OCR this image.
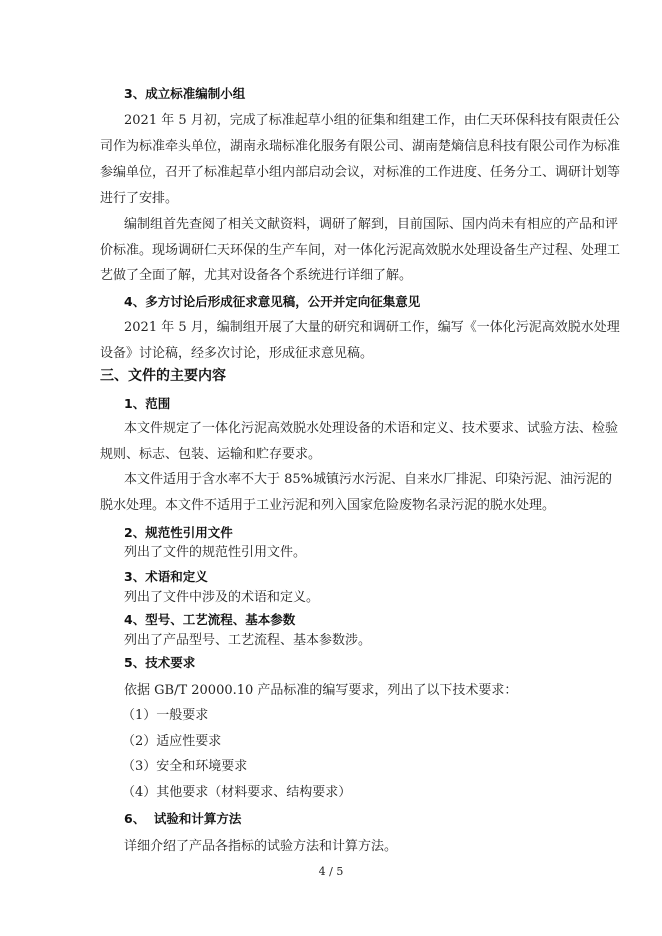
3、成立标准编制小组
2021 年 5 月初，完成了标准起草小组的征集和组建工作，由仁天环保科技有限责任公
司作为标准牵头单位，湖南永瑞标准化服务有限公司、湖南楚熵信息科技有限公司作为标准
参编单位，召开了标准起草小组内部启动会议，对标准的工作进度、任务分工、调研计划等
进行了安排。
编制组首先查阅了相关文献资料，调研了解到，目前国际、国内尚未有相应的产品和评
价标准。现场调研仁天环保的生产车间，对一体化污泥高效脱水处理设备生产过程、处理工
艺做了全面了解，尤其对设备各个系统进行详细了解。
4、多方讨论后形成征求意见稿，公开并定向征集意见
2021 年 5 月，编制组开展了大量的研究和调研工作，编写《一体化污泥高效脱水处理
设备》讨论稿，经多次讨论，形成征求意见稿。
三、文件的主要内容
1、范围
本文件规定了一体化污泥高效脱水处理设备的术语和定义、技术要求、试验方法、检验
规则、标志、包装、运输和贮存要求。
本文件适用于含水率不大于 85%城镇污水污泥、自来水厂排泥、印染污泥、油污泥的
脱水处理。本文件不适用于工业污泥和列入国家危险废物名录污泥的脱水处理。
2、规范性引用文件
列出了文件的规范性引用文件。
3、术语和定义
列出了文件中涉及的术语和定义。
4、型号、工艺流程、基本参数
列出了产品型号、工艺流程、基本参数涉。
5、技术要求
依据 GB/T 20000.10 产品标准的编写要求，列出了以下技术要求：
（1）一般要求
（2）适应性要求
（3）安全和环境要求
（4）其他要求（材料要求、结构要求）
6、  试验和计算方法
详细介绍了产品各指标的试验方法和计算方法。
4 / 5
